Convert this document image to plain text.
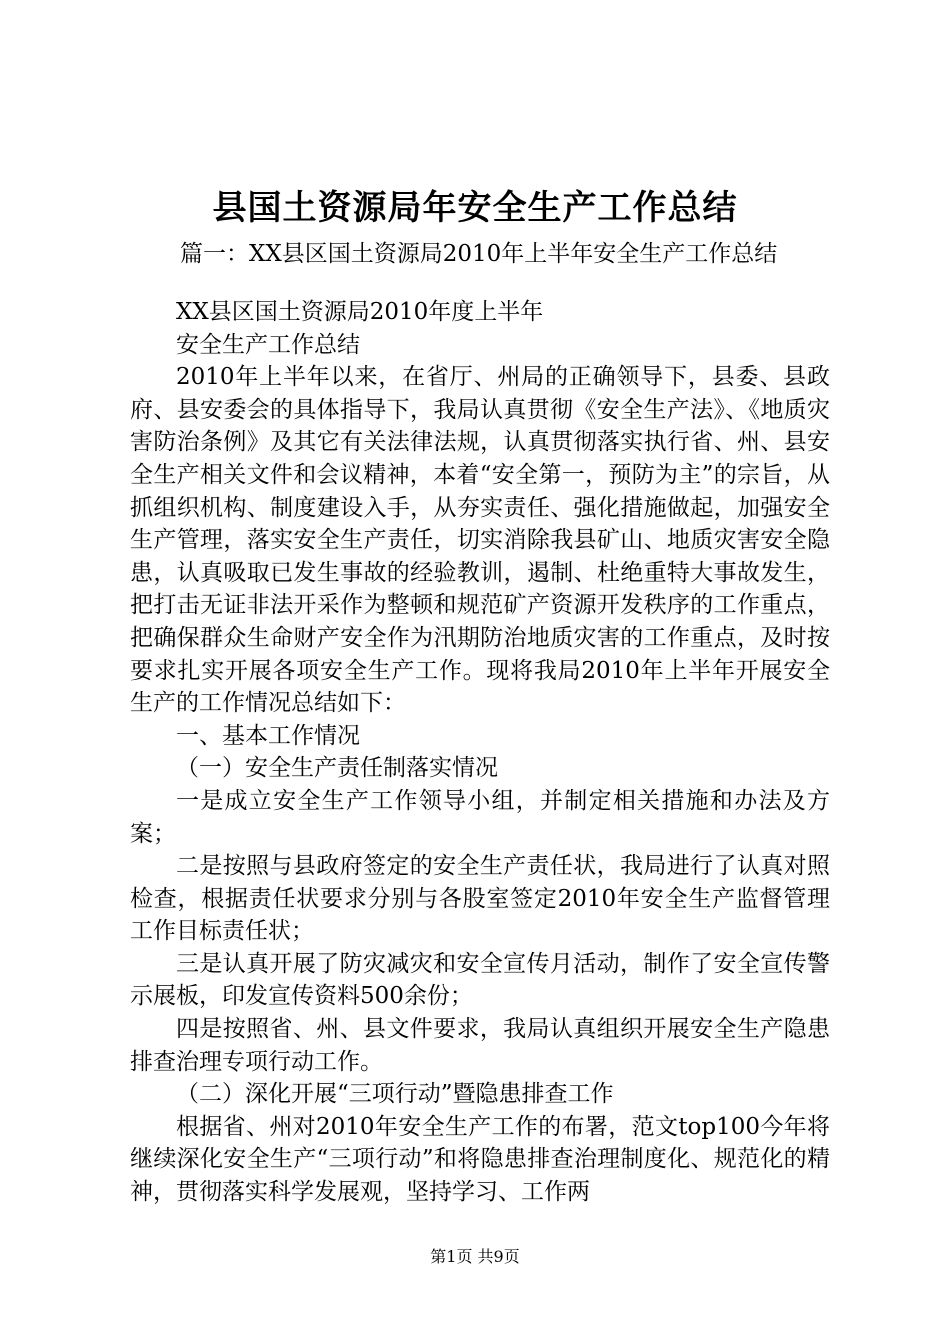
县国土资源局年安全生产工作总结
篇一：XX县区国土资源局2010年上半年安全生产工作总结

XX县区国土资源局2010年度上半年

安全生产工作总结

2010年上半年以来，在省厅、州局的正确领导下，县委、县政府、县安委会的具体指导下，我局认真贯彻《安全生产法》、《地质灾害防治条例》及其它有关法律法规，认真贯彻落实执行省、州、县安全生产相关文件和会议精神，本着“安全第一，预防为主”的宗旨，从抓组织机构、制度建设入手，从夯实责任、强化措施做起，加强安全生产管理，落实安全生产责任，切实消除我县矿山、地质灾害安全隐患，认真吸取已发生事故的经验教训，遏制、杜绝重特大事故发生，把打击无证非法开采作为整顿和规范矿产资源开发秩序的工作重点，把确保群众生命财产安全作为汛期防治地质灾害的工作重点，及时按要求扎实开展各项安全生产工作。现将我局2010年上半年开展安全生产的工作情况总结如下：

一、基本工作情况

（一）安全生产责任制落实情况

一是成立安全生产工作领导小组，并制定相关措施和办法及方案；

二是按照与县政府签定的安全生产责任状，我局进行了认真对照检查，根据责任状要求分别与各股室签定2010年安全生产监督管理工作目标责任状；

三是认真开展了防灾减灾和安全宣传月活动，制作了安全宣传警示展板，印发宣传资料500余份；

四是按照省、州、县文件要求，我局认真组织开展安全生产隐患排查治理专项行动工作。

（二）深化开展“三项行动”暨隐患排查工作

根据省、州对2010年安全生产工作的布署，范文top100今年将继续深化安全生产“三项行动”和将隐患排查治理制度化、规范化的精神，贯彻落实科学发展观，坚持学习、工作两

第1页 共9页
